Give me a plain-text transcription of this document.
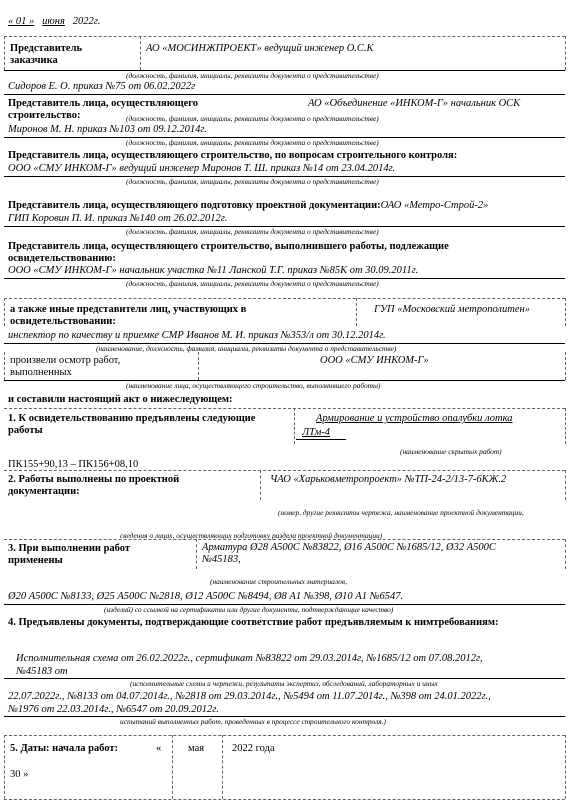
« 01 » июня 2022г.
Представитель
заказчика
АО «МОСИНЖПРОЕКТ» ведущий инженер О.С.К
(должность, фамилия, инициалы, реквизиты документа о представительстве)
Сидоров Е. О. приказ №75 от 06.02.2022г
Представитель лица, осуществляющего
строительство:
АО «Объединение «ИНКОМ-Г» начальник ОСК
(должность, фамилия, инициалы, реквизиты документа о представительстве)
Миронов М. Н. приказ №103 от 09.12.2014г.
(должность, фамилия, инициалы, реквизиты документа о представительстве)
Представитель лица, осуществляющего строительство, по вопросам строительного контроля:
ООО «СМУ ИНКОМ-Г» ведущий инженер Миронов Т. Ш. приказ №14 от 23.04.2014г.
(должность, фамилия, инициалы, реквизиты документа о представительстве)
Представитель лица, осуществляющего подготовку проектной документации:ОАО «Метро-Строй-2»
ГИП Коровин П. И. приказ №140 от 26.02.2012г.
(должность, фамилия, инициалы, реквизиты документа о представительстве)
Представитель лица, осуществляющего строительство, выполнившего работы, подлежащие
освидетельствованию:
ООО «СМУ ИНКОМ-Г» начальник участка №11 Ланской Т.Г. приказ №85К от 30.09.2011г.
(должность, фамилия, инициалы, реквизиты документа о представительстве)
а также иные представители лиц, участвующих в
освидетельствовании:
ГУП «Московский метрополитен»
инспектор по качеству и приемке СМР Иванов М. И. приказ №353/л от 30.12.2014г.
(наименование, должность, фамилия, инициалы, реквизиты документа о представительстве)
произвели осмотр работ,
выполненных
ООО «СМУ ИНКОМ-Г»
(наименование лица, осуществляющего строительство, выполнившего работы)
и составили настоящий акт о нижеследующем:
1. К освидетельствованию предъявлены следующие
работы
Армирование и устройство опалубки лотка
ЛТм-4
(наименование скрытых работ)
ПК155+90,13 – ПК156+08,10
2. Работы выполнены по проектной
документации:
ЧАО «Харьковметропроект» №ТП-24-2/13-7-6КЖ.2
(номер, другие реквизиты чертежа, наименование проектной документации,
сведения о лицах, осуществляющих подготовку раздела проектной документации)
3. При выполнении работ
применены
Арматура Ø28 А500С №83822, Ø16 А500С №1685/12, Ø32 А500С
№45183,
(наименование строительных материалов,
Ø20 А500С №8133, Ø25 А500С №2818, Ø12 А500С №8494, Ø8 А1 №398, Ø10 А1 №6547.
(изделий) со ссылкой на сертификаты или другие документы, подтверждающие качество)
4. Предъявлены документы, подтверждающие соответствие работ предъявляемым к нимтребованиям:
Исполнительная схема от 26.02.2022г., сертификат №83822 от 29.03.2014г, №1685/12 от 07.08.2012г,
№45183 от
(исполнительные схемы и чертежи, результаты экспертиз, обследований, лабораторных и иных
22.07.2022г., №8133 от 04.07.2014г., №2818 от 29.03.2014г., №5494 от 11.07.2014г., №398 от 24.01.2022г.,
№1976 от 22.03.2014г., №6547 от 20.09.2012г.
испытаний выполненных работ, проведенных в процессе строительного контроля.)
5. Даты: начала работ:	«	мая	2022 года
30 »
